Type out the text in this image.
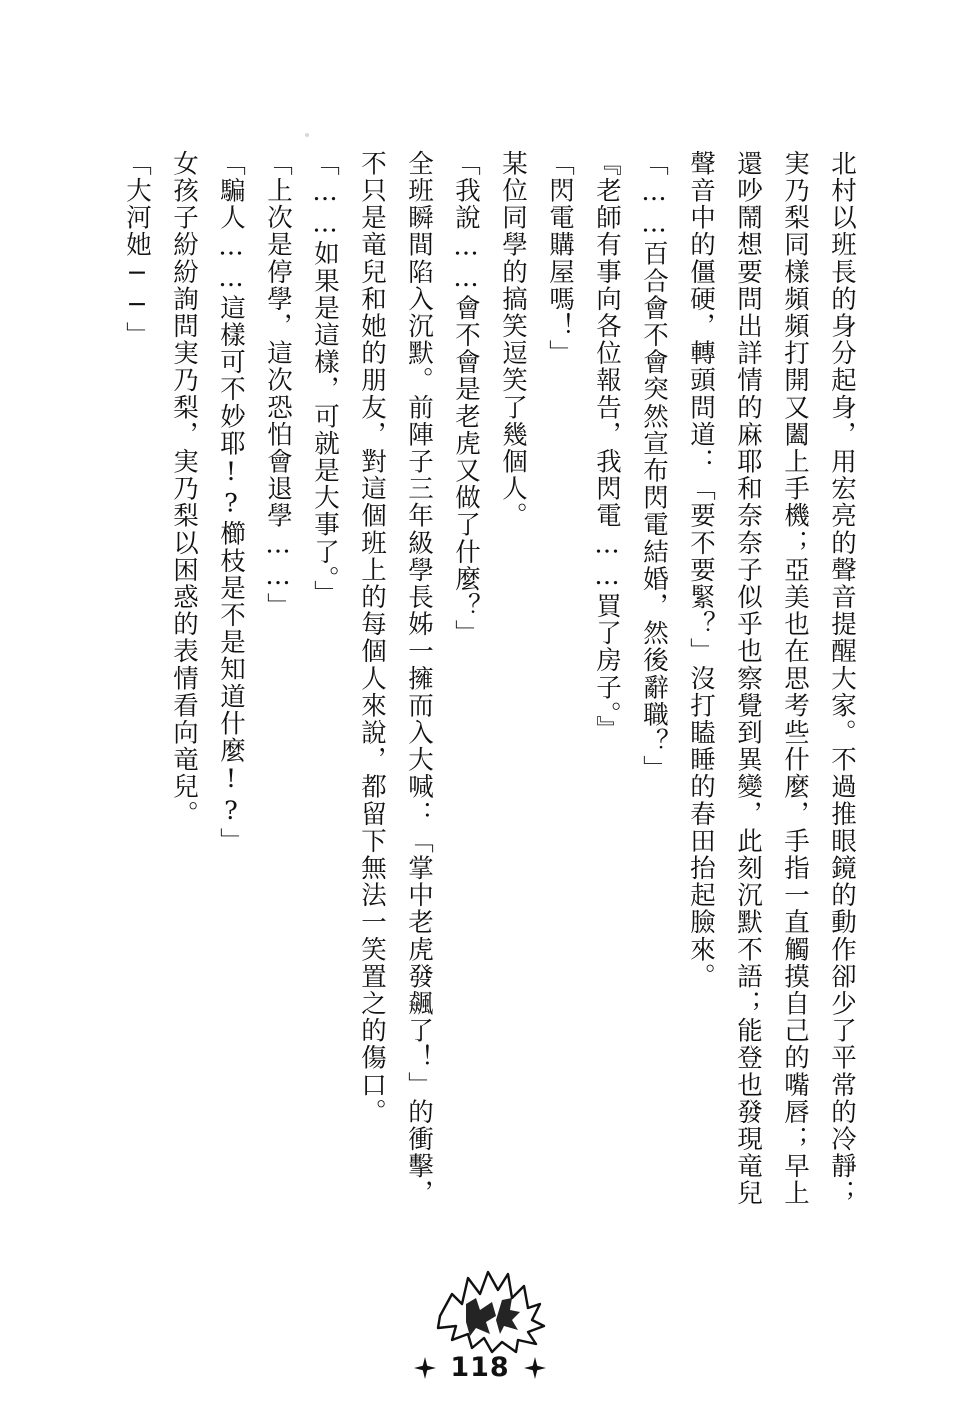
北村以班長的身分起身，用宏亮的聲音提醒大家。不過推眼鏡的動作卻少了平常的冷靜；実乃梨同樣頻頻打開又闔上手機；亞美也在思考些什麼，手指一直觸摸自己的嘴唇；早上還吵鬧想要問出詳情的麻耶和奈奈子似乎也察覺到異變，此刻沉默不語；能登也發現竜兒聲音中的僵硬，轉頭問道：「要不要緊？」沒打瞌睡的春田抬起臉來。

「……百合會不會突然宣布閃電結婚，然後辭職？」

『老師有事向各位報告，我閃電……買了房子。』

「閃電購屋嗎！」

某位同學的搞笑逗笑了幾個人。

「我說……會不會是老虎又做了什麼？」

全班瞬間陷入沉默。前陣子三年級學長姊一擁而入大喊：「掌中老虎發飆了！」的衝擊，不只是竜兒和她的朋友，對這個班上的每個人來說，都留下無法一笑置之的傷口。

「……如果是這樣，可就是大事了。」

「上次是停學，這次恐怕會退學……」

「騙人……這樣可不妙耶!?櫛枝是不是知道什麼!?」

女孩子紛紛詢問実乃梨，実乃梨以困惑的表情看向竜兒。

「大河她──」

118
